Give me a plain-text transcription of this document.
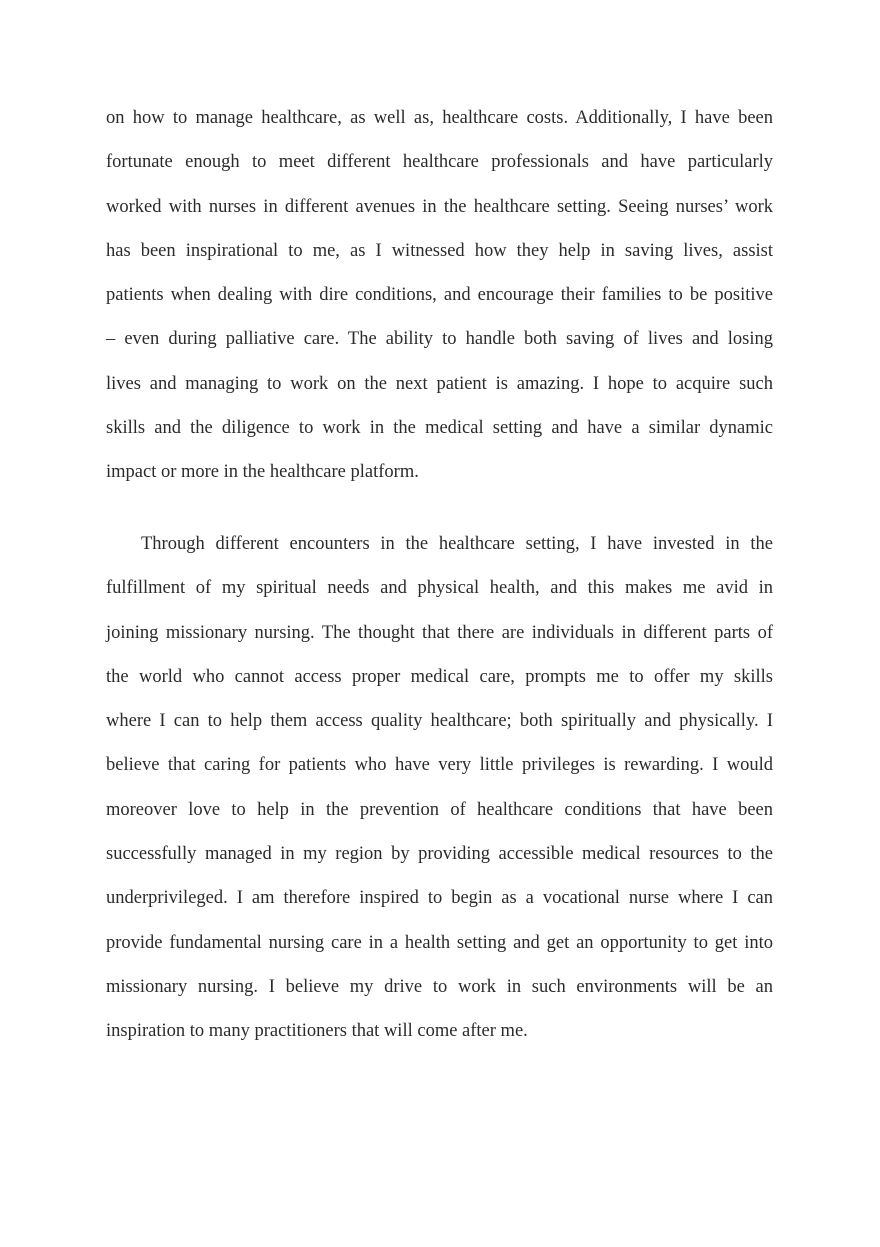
on how to manage healthcare, as well as, healthcare costs. Additionally, I have been
fortunate enough to meet different healthcare professionals and have particularly
worked with nurses in different avenues in the healthcare setting. Seeing nurses’ work
has been inspirational to me, as I witnessed how they help in saving lives, assist
patients when dealing with dire conditions, and encourage their families to be positive
– even during palliative care. The ability to handle both saving of lives and losing
lives and managing to work on the next patient is amazing. I hope to acquire such
skills and the diligence to work in the medical setting and have a similar dynamic
impact or more in the healthcare platform.
Through different encounters in the healthcare setting, I have invested in the
fulfillment of my spiritual needs and physical health, and this makes me avid in
joining missionary nursing. The thought that there are individuals in different parts of
the world who cannot access proper medical care, prompts me to offer my skills
where I can to help them access quality healthcare; both spiritually and physically. I
believe that caring for patients who have very little privileges is rewarding. I would
moreover love to help in the prevention of healthcare conditions that have been
successfully managed in my region by providing accessible medical resources to the
underprivileged. I am therefore inspired to begin as a vocational nurse where I can
provide fundamental nursing care in a health setting and get an opportunity to get into
missionary nursing. I believe my drive to work in such environments will be an
inspiration to many practitioners that will come after me.
